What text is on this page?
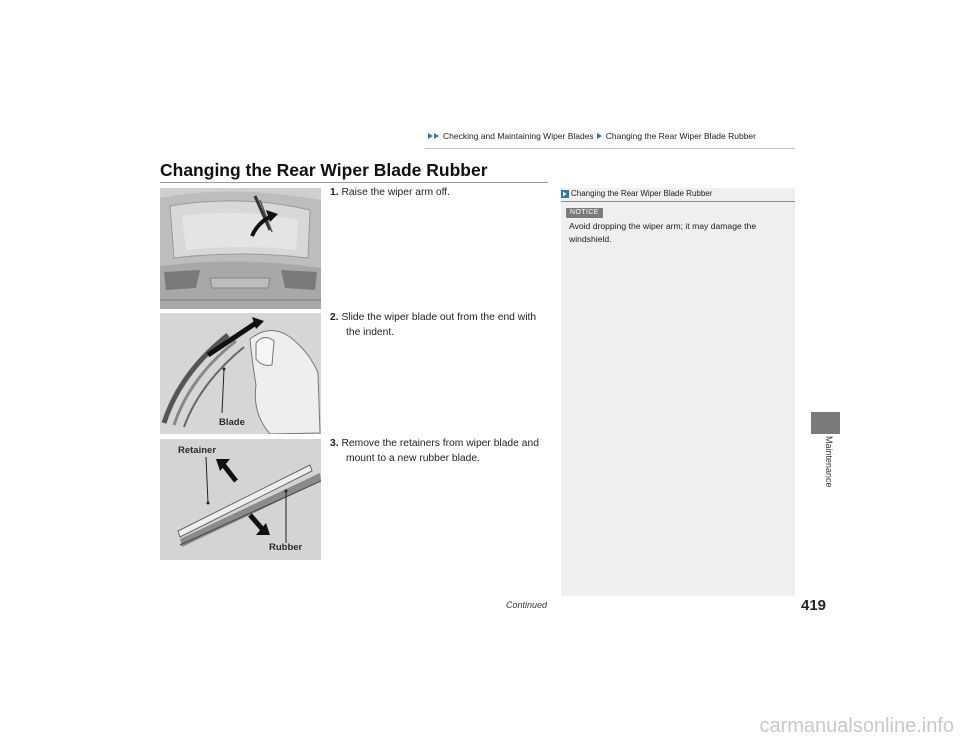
Checking and Maintaining Wiper Blades Changing the Rear Wiper Blade Rubber
Changing the Rear Wiper Blade Rubber
Blade
Retainer
Rubber
1. Raise the wiper arm off.
2. Slide the wiper blade out from the end with
the indent.
3. Remove the retainers from wiper blade and
mount to a new rubber blade.
Changing the Rear Wiper Blade Rubber
NOTICE
Avoid dropping the wiper arm; it may damage the
windshield.
Maintenance
Continued	419
carmanualsonline.info
